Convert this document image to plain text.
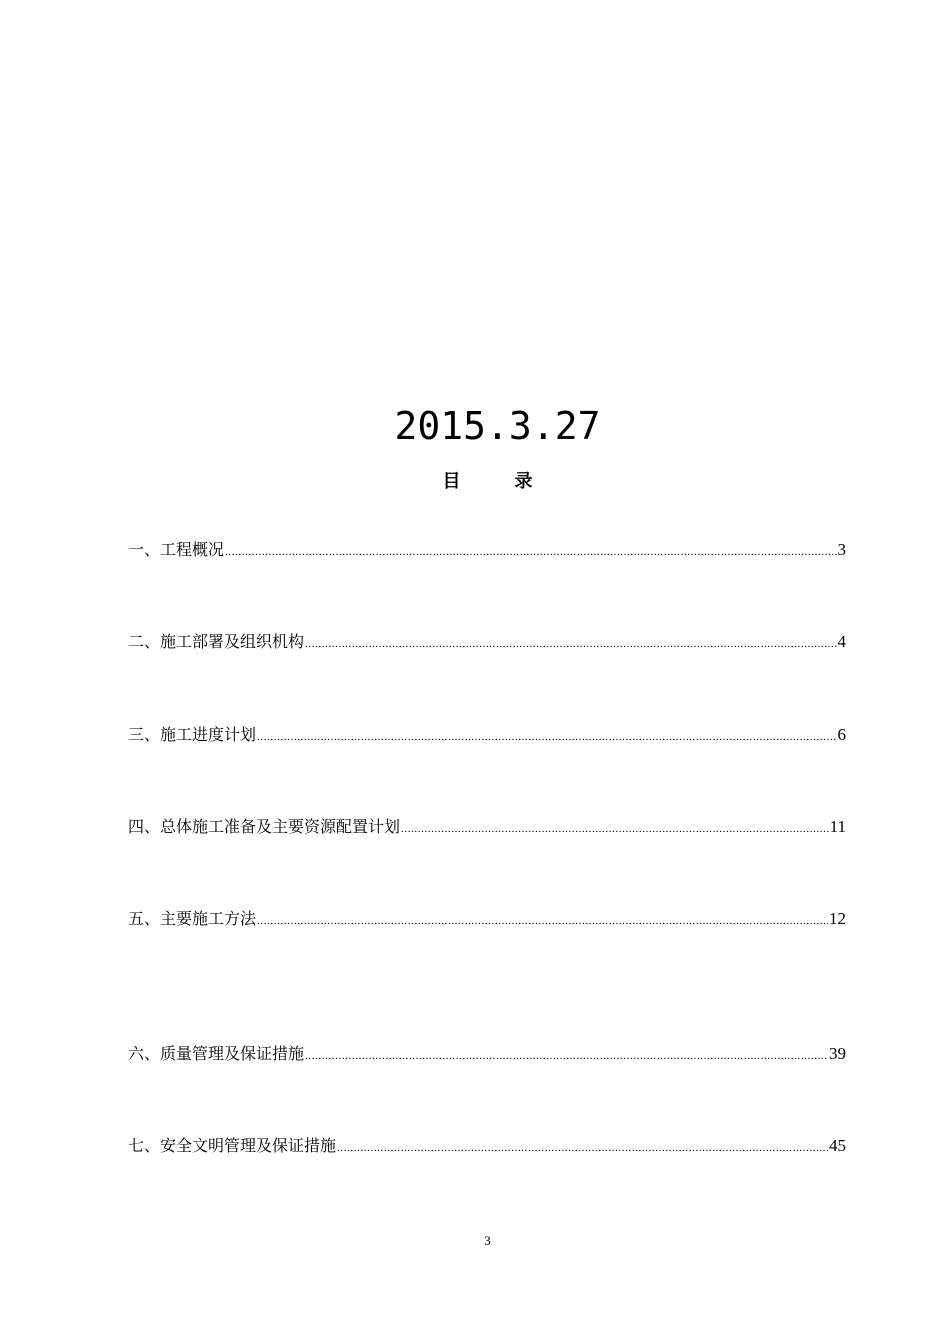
2015.3.27
目	录
一、工程概况 .....	3
二、施工部署及组织机构 .....	4
三、施工进度计划 .....	6
四、总体施工准备及主要资源配置计划 .....	11
五、主要施工方法 .....	12
六、质量管理及保证措施 .....	39
七、安全文明管理及保证措施 .....	45
3
